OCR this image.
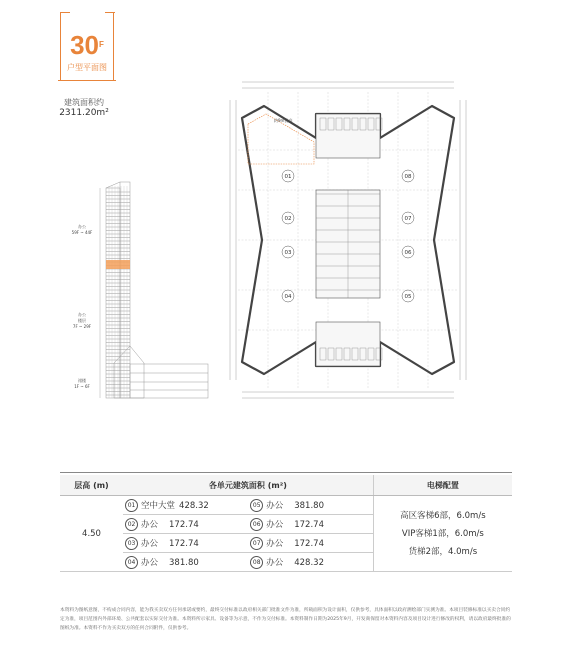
$30^F$
户型平面图
建筑面积约
2311.20m²
办公
59F ~ 44F
办公
楼层
7F ~ 29F
裙楼
1F ~ 6F
约9m挑高
01
02
03
04	05
06
07
08
层高 (m)	各单元建筑面积 (m²)		电梯配置
4.50	01 空中大堂 428.32	05 办公 381.80	高区客梯6部，6.0m/s
VIP客梯1部，6.0m/s
货梯2部，4.0m/s

	02 办公 172.74	06 办公 172.74	
	03 办公 172.74	07 办公 172.74	
	04 办公 381.80	08 办公 428.32	
本资料为图纸意图，不构成合同内容，能为我买卖双方任何承诺或要约，最终交付标准以政府相关部门批准文件为准，所载面积为设计面积，仅供参考，具体面积以政府测绘部门实测为准。本项目装修标准以买卖合同约定为准，项目范围内外部环境、公共配套以实际交付为准。本资料所示家具、设备等为示意，不作为交付标准。本资料制作日期为2025年9月，开发商保留对本资料内容及项目设计进行修改的权利，请以政府最终批准的图纸为准。本资料不作为买卖双方的任何合同附件，仅供参考。
